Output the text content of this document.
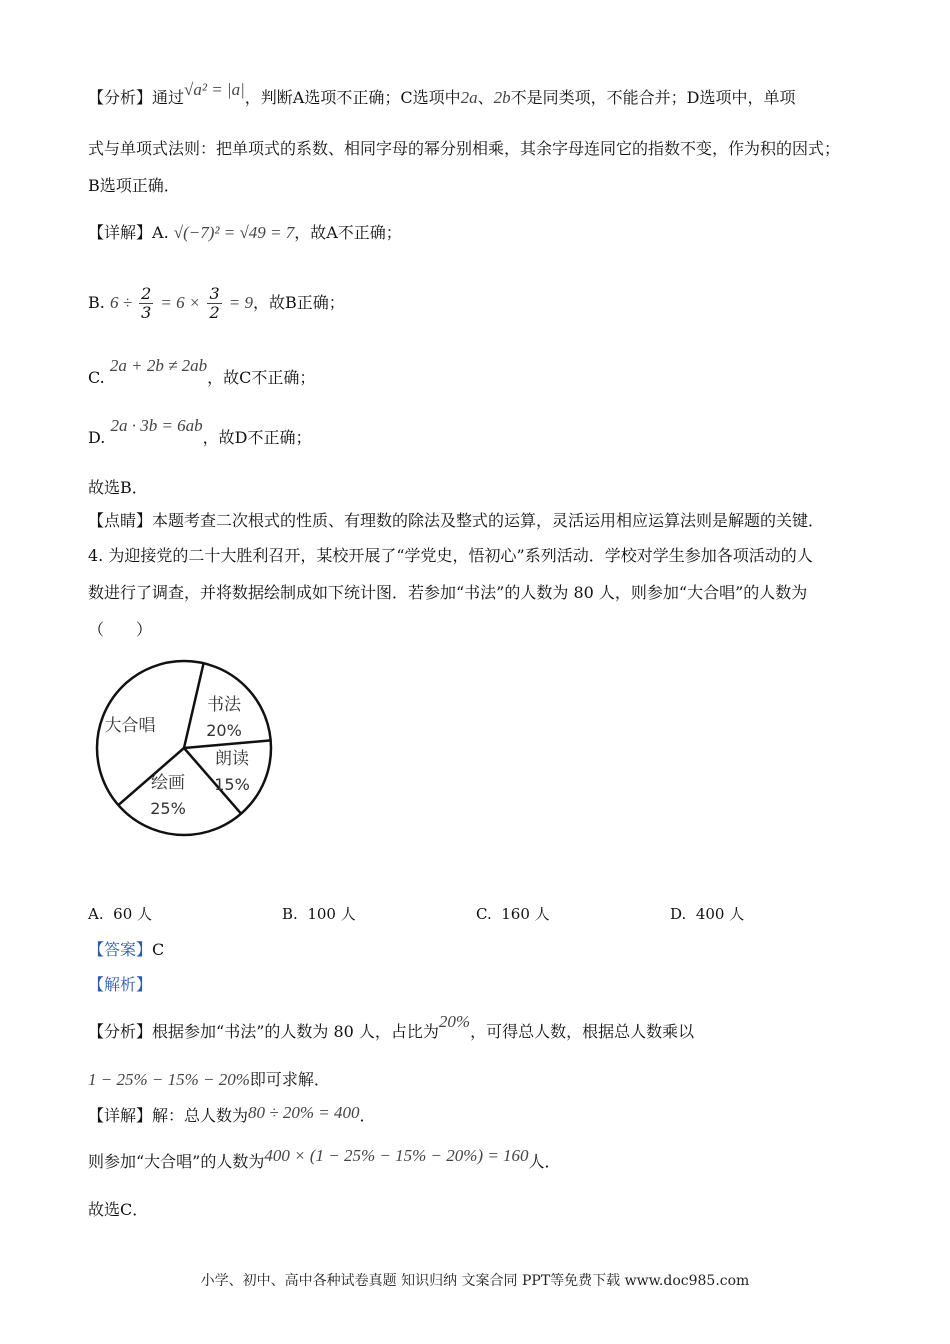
【分析】通过√a² = |a|，判断A选项不正确；C选项中2a、2b不是同类项，不能合并；D选项中，单项
式与单项式法则：把单项式的系数、相同字母的幂分别相乘，其余字母连同它的指数不变，作为积的因式；
B选项正确．
【详解】A. √(−7)² = √49 = 7，故A不正确；
B. $6 \div \frac{2}{3} = 6 \times \frac{3}{2} = 9$，故B正确；
C. 2a + 2b ≠ 2ab，故C不正确；
D. 2a · 3b = 6ab，故D不正确；
故选B．
【点睛】本题考查二次根式的性质、有理数的除法及整式的运算，灵活运用相应运算法则是解题的关键．
4. 为迎接党的二十大胜利召开，某校开展了“学党史，悟初心”系列活动．学校对学生参加各项活动的人
数进行了调查，并将数据绘制成如下统计图．若参加“书法”的人数为 80 人，则参加“大合唱”的人数为
（　　）
书法
20%
朗读
15%
绘画
25%
大合唱
A. 60 人	B. 100 人	C. 160 人	D. 400 人
【答案】C
【解析】
【分析】根据参加“书法”的人数为 80 人，占比为20%，可得总人数，根据总人数乘以
1 − 25% − 15% − 20%即可求解．
【详解】解：总人数为80 ÷ 20% = 400．
则参加“大合唱”的人数为400 × (1 − 25% − 15% − 20%) = 160人．
故选C．
小学、初中、高中各种试卷真题 知识归纳 文案合同 PPT等免费下载 www.doc985.com
